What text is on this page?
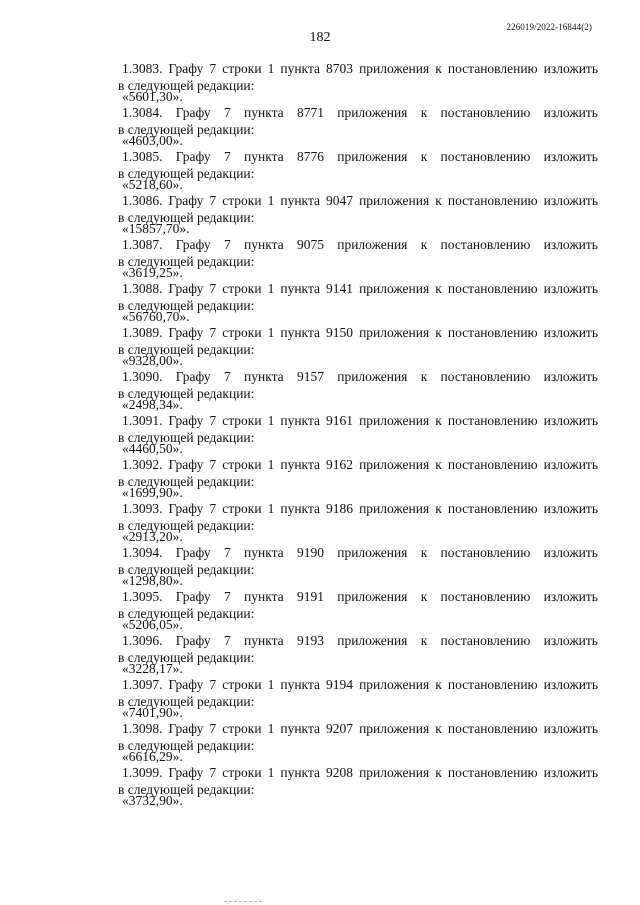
226019/2022-16844(2)
182
1.3083. Графу 7 строки 1 пункта 8703 приложения к постановлению изложить
в следующей редакции:
«5601,30».
1.3084. Графу 7 пункта 8771 приложения к постановлению изложить
в следующей редакции:
«4603,00».
1.3085. Графу 7 пункта 8776 приложения к постановлению изложить
в следующей редакции:
«5218,60».
1.3086. Графу 7 строки 1 пункта 9047 приложения к постановлению изложить
в следующей редакции:
«15857,70».
1.3087. Графу 7 пункта 9075 приложения к постановлению изложить
в следующей редакции:
«3619,25».
1.3088. Графу 7 строки 1 пункта 9141 приложения к постановлению изложить
в следующей редакции:
«56760,70».
1.3089. Графу 7 строки 1 пункта 9150 приложения к постановлению изложить
в следующей редакции:
«9328,00».
1.3090. Графу 7 пункта 9157 приложения к постановлению изложить
в следующей редакции:
«2498,34».
1.3091. Графу 7 строки 1 пункта 9161 приложения к постановлению изложить
в следующей редакции:
«4460,50».
1.3092. Графу 7 строки 1 пункта 9162 приложения к постановлению изложить
в следующей редакции:
«1699,90».
1.3093. Графу 7 строки 1 пункта 9186 приложения к постановлению изложить
в следующей редакции:
«2913,20».
1.3094. Графу 7 пункта 9190 приложения к постановлению изложить
в следующей редакции:
«1298,80».
1.3095. Графу 7 пункта 9191 приложения к постановлению изложить
в следующей редакции:
«5206,05».
1.3096. Графу 7 пункта 9193 приложения к постановлению изложить
в следующей редакции:
«3228,17».
1.3097. Графу 7 строки 1 пункта 9194 приложения к постановлению изложить
в следующей редакции:
«7401,90».
1.3098. Графу 7 строки 1 пункта 9207 приложения к постановлению изложить
в следующей редакции:
«6616,29».
1.3099. Графу 7 строки 1 пункта 9208 приложения к постановлению изложить
в следующей редакции:
«3732,90».
